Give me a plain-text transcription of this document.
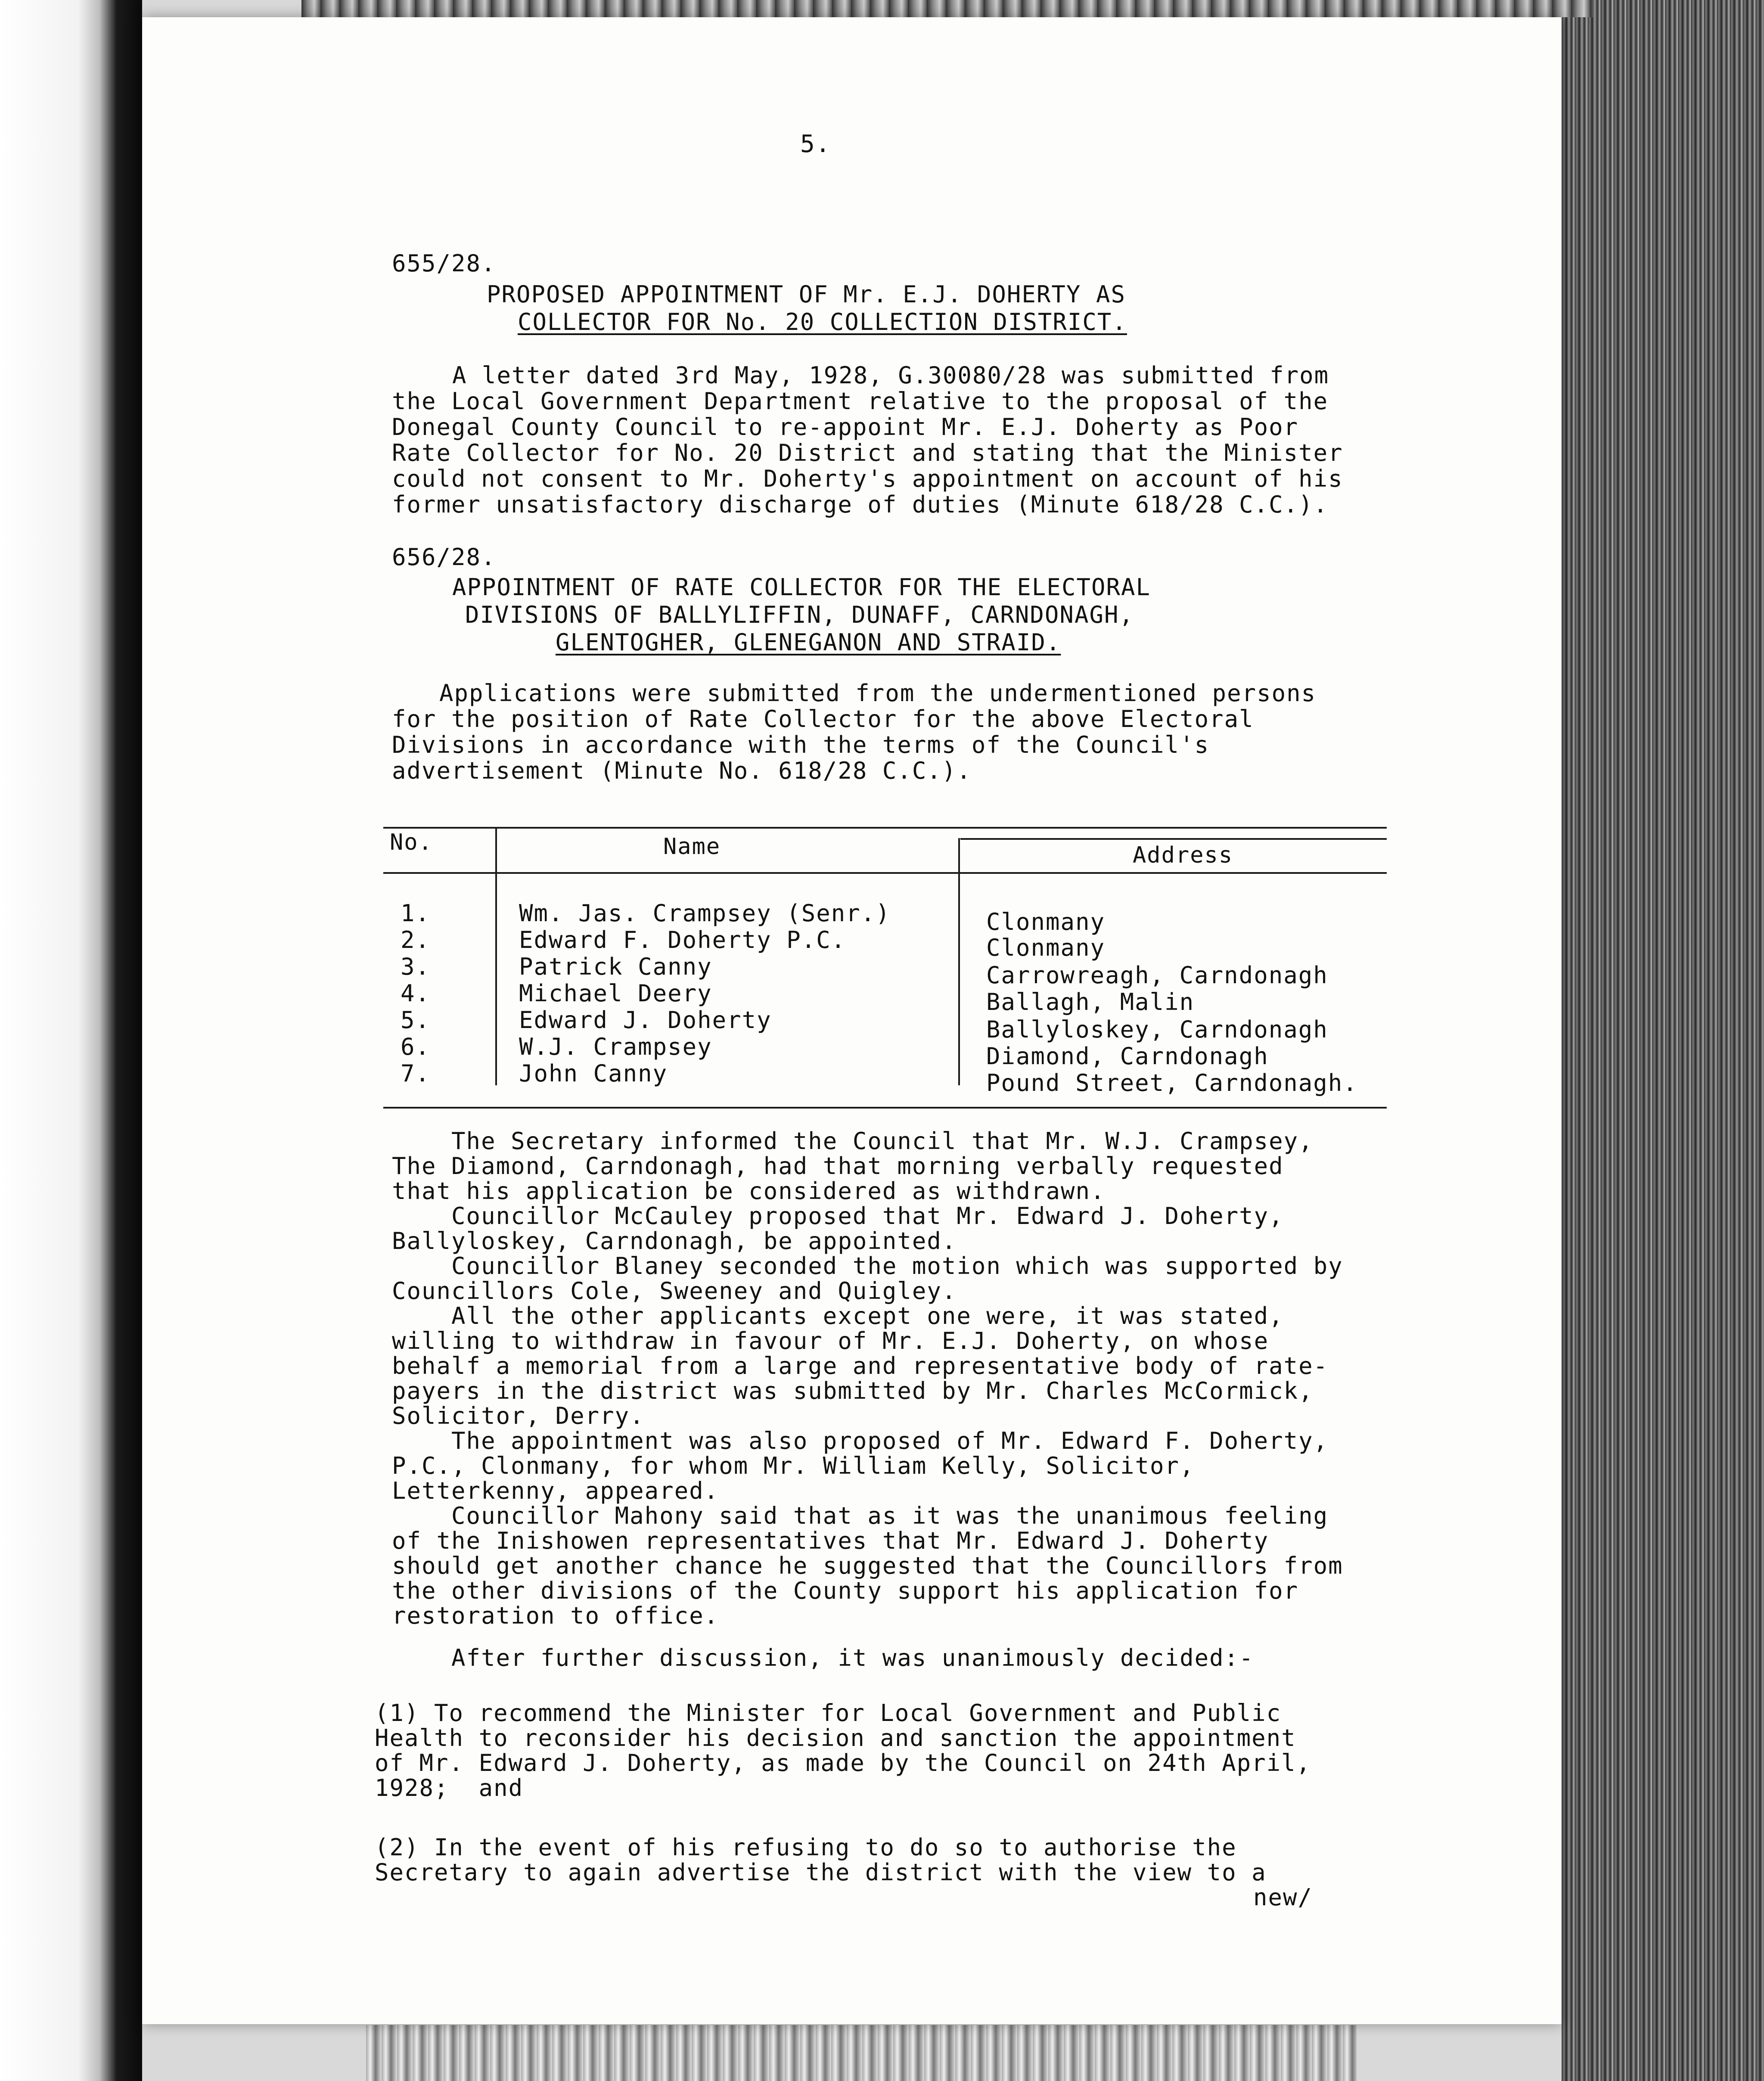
5.
655/28.
PROPOSED APPOINTMENT OF Mr. E.J. DOHERTY AS
COLLECTOR FOR No. 20 COLLECTION DISTRICT.
A letter dated 3rd May, 1928, G.30080/28 was submitted from
the Local Government Department relative to the proposal of the
Donegal County Council to re-appoint Mr. E.J. Doherty as Poor
Rate Collector for No. 20 District and stating that the Minister
could not consent to Mr. Doherty's appointment on account of his
former unsatisfactory discharge of duties (Minute 618/28 C.C.).
656/28.
APPOINTMENT OF RATE COLLECTOR FOR THE ELECTORAL
DIVISIONS OF BALLYLIFFIN, DUNAFF, CARNDONAGH,
GLENTOGHER, GLENEGANON AND STRAID.
Applications were submitted from the undermentioned persons
for the position of Rate Collector for the above Electoral
Divisions in accordance with the terms of the Council's
advertisement (Minute No. 618/28 C.C.).
No.	Name	Address
1.	Wm. Jas. Crampsey (Senr.)	Clonmany
2.	Edward F. Doherty P.C.	Clonmany
3.	Patrick Canny	Carrowreagh, Carndonagh
4.	Michael Deery	Ballagh, Malin
5.	Edward J. Doherty	Ballyloskey, Carndonagh
6.	W.J. Crampsey	Diamond, Carndonagh
7.	John Canny	Pound Street, Carndonagh.
The Secretary informed the Council that Mr. W.J. Crampsey,
The Diamond, Carndonagh, had that morning verbally requested
that his application be considered as withdrawn.
Councillor McCauley proposed that Mr. Edward J. Doherty,
Ballyloskey, Carndonagh, be appointed.
Councillor Blaney seconded the motion which was supported by
Councillors Cole, Sweeney and Quigley.
All the other applicants except one were, it was stated,
willing to withdraw in favour of Mr. E.J. Doherty, on whose
behalf a memorial from a large and representative body of rate-
payers in the district was submitted by Mr. Charles McCormick,
Solicitor, Derry.
The appointment was also proposed of Mr. Edward F. Doherty,
P.C., Clonmany, for whom Mr. William Kelly, Solicitor,
Letterkenny, appeared.
Councillor Mahony said that as it was the unanimous feeling
of the Inishowen representatives that Mr. Edward J. Doherty
should get another chance he suggested that the Councillors from
the other divisions of the County support his application for
restoration to office.
After further discussion, it was unanimously decided:-
(1) To recommend the Minister for Local Government and Public
Health to reconsider his decision and sanction the appointment
of Mr. Edward J. Doherty, as made by the Council on 24th April,
1928;  and
(2) In the event of his refusing to do so to authorise the
Secretary to again advertise the district with the view to a
new/
